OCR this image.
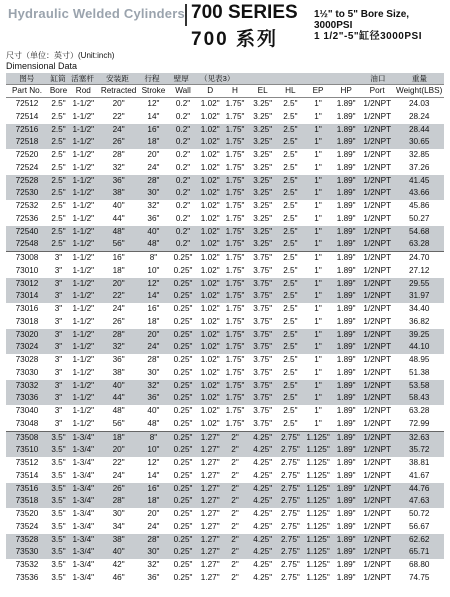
Hydraulic Welded Cylinders 700 SERIES
700 系列
1½" to 5" Bore Size, 3000PSI
1 1/2"-5"缸径3000PSI
尺寸（单位：英寸）(Unit:inch)
Dimensional Data
图号	缸筒 活塞杆	安装距	行程	壁厚	（见表3）	油口	重量
Part No. Bore	Rod	Retracted Stroke	Wall	D	H	EL	HL	EP	HP	Port	Weight(LBS)
72512	2.5" 1-1/2"	20"	12"	0.2"	1.02" 1.75"	3.25"	2.5"	1"	1.89" 1/2NPT	24.03
72514	2.5" 1-1/2"	22"	14"	0.2"	1.02" 1.75"	3.25"	2.5"	1"	1.89" 1/2NPT	28.24
72516	2.5" 1-1/2"	24"	16"	0.2"	1.02" 1.75"	3.25"	2.5"	1"	1.89" 1/2NPT	28.44
72518	2.5" 1-1/2"	26"	18"	0.2"	1.02" 1.75"	3.25"	2.5"	1"	1.89" 1/2NPT	30.65
72520	2.5" 1-1/2"	28"	20"	0.2"	1.02" 1.75"	3.25"	2.5"	1"	1.89" 1/2NPT	32.85
72524	2.5" 1-1/2"	32"	24"	0.2"	1.02" 1.75"	3.25"	2.5"	1"	1.89" 1/2NPT	37.26
72528	2.5" 1-1/2"	36"	28"	0.2"	1.02" 1.75"	3.25"	2.5"	1"	1.89" 1/2NPT	41.45
72530	2.5" 1-1/2"	38"	30"	0.2"	1.02" 1.75"	3.25"	2.5"	1"	1.89" 1/2NPT	43.66
72532	2.5" 1-1/2"	40"	32"	0.2"	1.02" 1.75"	3.25"	2.5"	1"	1.89" 1/2NPT	45.86
72536	2.5" 1-1/2"	44"	36"	0.2"	1.02" 1.75"	3.25"	2.5"	1"	1.89" 1/2NPT	50.27
72540	2.5" 1-1/2"	48"	40"	0.2"	1.02" 1.75"	3.25"	2.5"	1"	1.89" 1/2NPT	54.68
72548	2.5" 1-1/2"	56"	48"	0.2"	1.02" 1.75"	3.25"	2.5"	1"	1.89" 1/2NPT	63.28
73008	3"	1-1/2"	16"	8"	0.25"	1.02" 1.75"	3.75"	2.5"	1"	1.89" 1/2NPT	24.70
73010	3"	1-1/2"	18"	10"	0.25"	1.02" 1.75"	3.75"	2.5"	1"	1.89" 1/2NPT	27.12
73012	3"	1-1/2"	20"	12"	0.25"	1.02" 1.75"	3.75"	2.5"	1"	1.89" 1/2NPT	29.55
73014	3"	1-1/2"	22"	14"	0.25"	1.02" 1.75"	3.75"	2.5"	1"	1.89" 1/2NPT	31.97
73016	3"	1-1/2"	24"	16"	0.25"	1.02" 1.75"	3.75"	2.5"	1"	1.89" 1/2NPT	34.40
73018	3"	1-1/2"	26"	18"	0.25"	1.02" 1.75"	3.75"	2.5"	1"	1.89" 1/2NPT	36.82
73020	3"	1-1/2"	28"	20"	0.25"	1.02" 1.75"	3.75"	2.5"	1"	1.89" 1/2NPT	39.25
73024	3"	1-1/2"	32"	24"	0.25"	1.02" 1.75"	3.75"	2.5"	1"	1.89" 1/2NPT	44.10
73028	3"	1-1/2"	36"	28"	0.25"	1.02" 1.75"	3.75"	2.5"	1"	1.89" 1/2NPT	48.95
73030	3"	1-1/2"	38"	30"	0.25"	1.02" 1.75"	3.75"	2.5"	1"	1.89" 1/2NPT	51.38
73032	3"	1-1/2"	40"	32"	0.25"	1.02" 1.75"	3.75"	2.5"	1"	1.89" 1/2NPT	53.58
73036	3"	1-1/2"	44"	36"	0.25"	1.02" 1.75"	3.75"	2.5"	1"	1.89" 1/2NPT	58.43
73040	3"	1-1/2"	48"	40"	0.25"	1.02" 1.75"	3.75"	2.5"	1"	1.89" 1/2NPT	63.28
73048	3"	1-1/2"	56"	48"	0.25"	1.02" 1.75"	3.75"	2.5"	1"	1.89" 1/2NPT	72.99
73508	3.5" 1-3/4"	18"	8"	0.25"	1.27"	2"	4.25"	2.75" 1.125" 1.89" 1/2NPT	32.63
73510	3.5" 1-3/4"	20"	10"	0.25"	1.27"	2"	4.25"	2.75" 1.125" 1.89" 1/2NPT	35.72
73512	3.5" 1-3/4"	22"	12"	0.25"	1.27"	2"	4.25"	2.75" 1.125" 1.89" 1/2NPT	38.81
73514	3.5" 1-3/4"	24"	14"	0.25"	1.27"	2"	4.25"	2.75" 1.125" 1.89" 1/2NPT	41.67
73516	3.5" 1-3/4"	26"	16"	0.25"	1.27"	2"	4.25"	2.75" 1.125" 1.89" 1/2NPT	44.76
73518	3.5" 1-3/4"	28"	18"	0.25"	1.27"	2"	4.25"	2.75" 1.125" 1.89" 1/2NPT	47.63
73520	3.5" 1-3/4"	30"	20"	0.25"	1.27"	2"	4.25"	2.75" 1.125" 1.89" 1/2NPT	50.72
73524	3.5" 1-3/4"	34"	24"	0.25"	1.27"	2"	4.25"	2.75" 1.125" 1.89" 1/2NPT	56.67
73528	3.5" 1-3/4"	38"	28"	0.25"	1.27"	2"	4.25"	2.75" 1.125" 1.89" 1/2NPT	62.62
73530	3.5" 1-3/4"	40"	30"	0.25"	1.27"	2"	4.25"	2.75" 1.125" 1.89" 1/2NPT	65.71
73532	3.5" 1-3/4"	42"	32"	0.25"	1.27"	2"	4.25"	2.75" 1.125" 1.89" 1/2NPT	68.80
73536	3.5" 1-3/4"	46"	36"	0.25"	1.27"	2"	4.25"	2.75" 1.125" 1.89" 1/2NPT	74.75
